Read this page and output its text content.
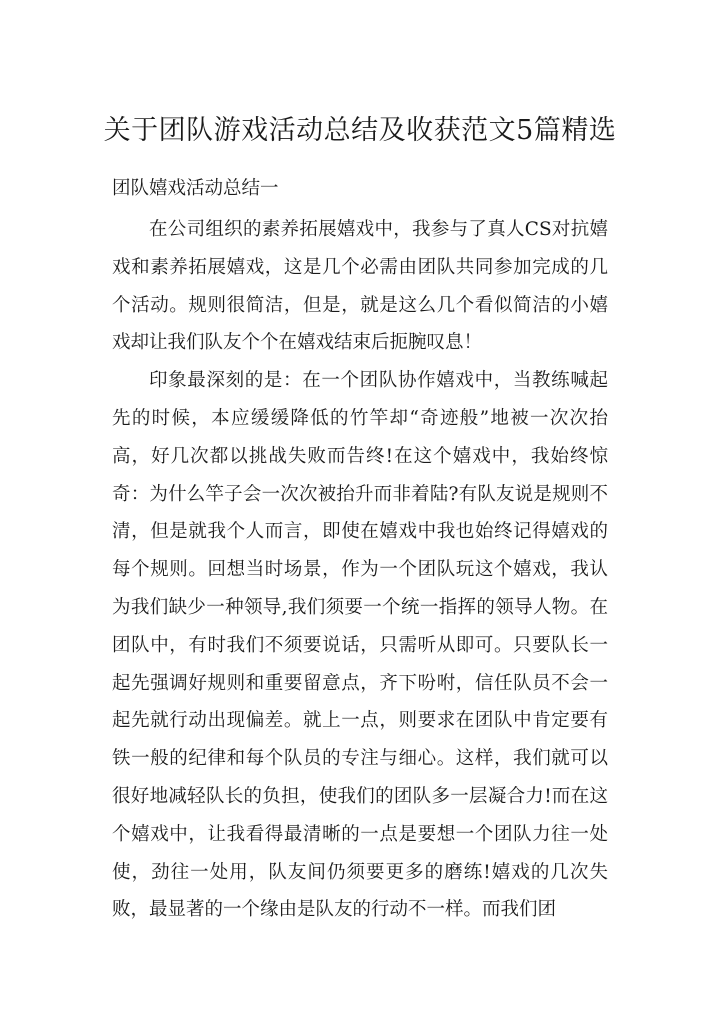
关于团队游戏活动总结及收获范文5篇精选
团队嬉戏活动总结一

在公司组织的素养拓展嬉戏中，我参与了真人CS对抗嬉戏和素养拓展嬉戏，这是几个必需由团队共同参加完成的几个活动。规则很简洁，但是，就是这么几个看似简洁的小嬉戏却让我们队友个个在嬉戏结束后扼腕叹息！

印象最深刻的是：在一个团队协作嬉戏中，当教练喊起先的时候，本应缓缓降低的竹竿却“奇迹般”地被一次次抬高，好几次都以挑战失败而告终!在这个嬉戏中，我始终惊奇：为什么竿子会一次次被抬升而非着陆?有队友说是规则不清，但是就我个人而言，即使在嬉戏中我也始终记得嬉戏的每个规则。回想当时场景，作为一个团队玩这个嬉戏，我认为我们缺少一种领导,我们须要一个统一指挥的领导人物。在团队中，有时我们不须要说话，只需听从即可。只要队长一起先强调好规则和重要留意点，齐下吩咐，信任队员不会一起先就行动出现偏差。就上一点，则要求在团队中肯定要有铁一般的纪律和每个队员的专注与细心。这样，我们就可以很好地减轻队长的负担，使我们的团队多一层凝合力!而在这个嬉戏中，让我看得最清晰的一点是要想一个团队力往一处使，劲往一处用，队友间仍须要更多的磨练!嬉戏的几次失败，最显著的一个缘由是队友的行动不一样。而我们团
